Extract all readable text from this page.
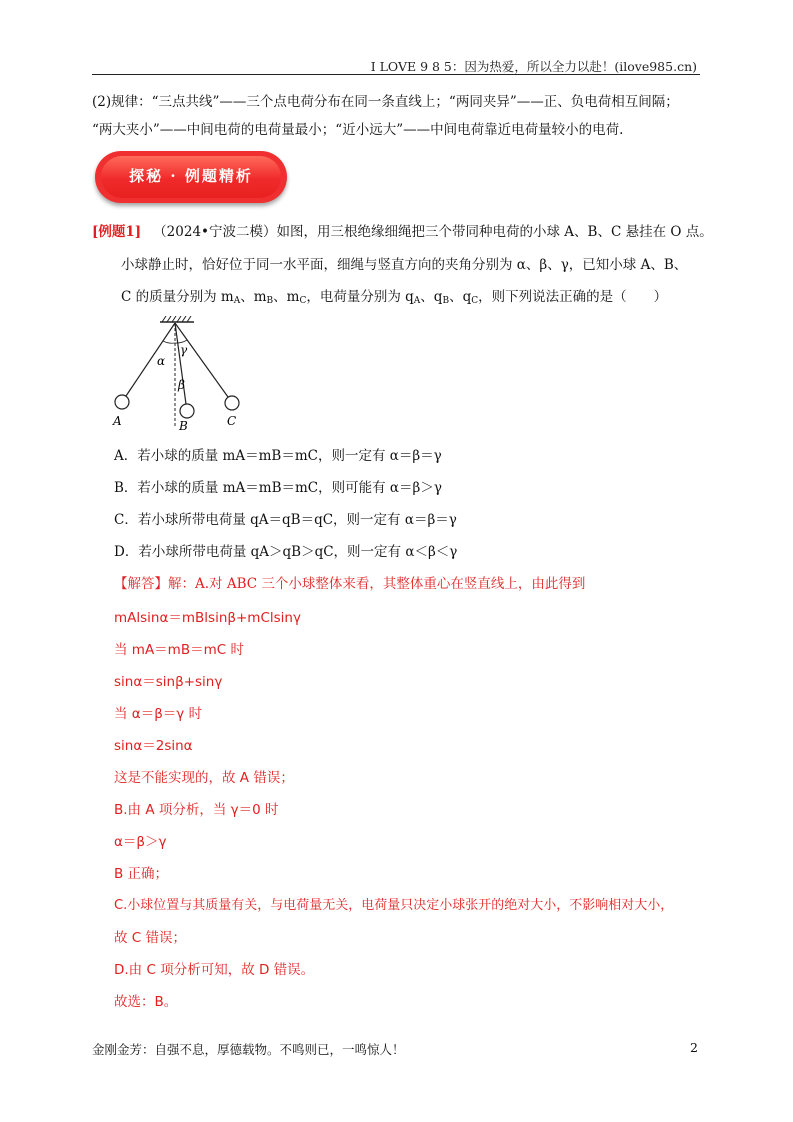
I LOVE 9 8 5：因为热爱，所以全力以赴！(ilove985.cn)
(2)规律：“三点共线”——三个点电荷分布在同一条直线上；“两同夹异”——正、负电荷相互间隔；
“两大夹小”——中间电荷的电荷量最小；“近小远大”——中间电荷靠近电荷量较小的电荷.
探秘 · 例题精析
[例题1] （2024•宁波二模）如图，用三根绝缘细绳把三个带同种电荷的小球 A、B、C 悬挂在 O 点。
小球静止时，恰好位于同一水平面，细绳与竖直方向的夹角分别为 α、β、γ，已知小球 A、B、
C 的质量分别为 $m_A$、$m_B$、$m_C$，电荷量分别为 $q_A$、$q_B$、$q_C$，则下列说法正确的是（　　）
α
β
γ
A	B	C
A．若小球的质量 mA＝mB＝mC，则一定有 α＝β＝γ
B．若小球的质量 mA＝mB＝mC，则可能有 α＝β＞γ
C．若小球所带电荷量 qA＝qB＝qC，则一定有 α＝β＝γ
D．若小球所带电荷量 qA＞qB＞qC，则一定有 α＜β＜γ
【解答】解：A.对 ABC 三个小球整体来看，其整体重心在竖直线上，由此得到
mAlsinα＝mBlsinβ+mClsinγ
当 mA＝mB＝mC 时
sinα＝sinβ+sinγ
当 α＝β＝γ 时
sinα＝2sinα
这是不能实现的，故 A 错误；
B.由 A 项分析，当 γ＝0 时
α＝β＞γ
B 正确；
C.小球位置与其质量有关，与电荷量无关，电荷量只决定小球张开的绝对大小，不影响相对大小，
故 C 错误；
D.由 C 项分析可知，故 D 错误。
故选：B。
金刚金芳：自强不息，厚德载物。不鸣则已，一鸣惊人！	2
